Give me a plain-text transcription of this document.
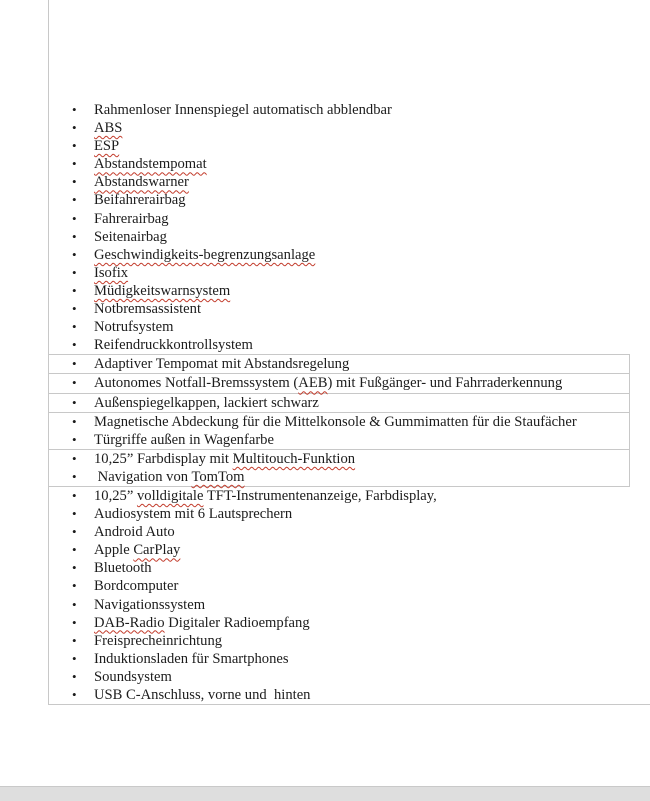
• Rahmenloser Innenspiegel automatisch abblendbar
• ABS
• ESP
• Abstandstempomat
• Abstandswarner
• Beifahrerairbag
• Fahrerairbag
• Seitenairbag
• Geschwindigkeits-begrenzungsanlage
• Isofix
• Müdigkeitswarnsystem
• Notbremsassistent
• Notrufsystem
• Reifendruckkontrollsystem
• Adaptiver Tempomat mit Abstandsregelung
• Autonomes Notfall-Bremssystem (AEB) mit Fußgänger- und Fahrraderkennung
• Außenspiegelkappen, lackiert schwarz
• Magnetische Abdeckung für die Mittelkonsole & Gummimatten für die Staufächer
• Türgriffe außen in Wagenfarbe
• 10,25” Farbdisplay mit Multitouch-Funktion
• Navigation von TomTom
• 10,25” volldigitale TFT-Instrumentenanzeige, Farbdisplay,
• Audiosystem mit 6 Lautsprechern
• Android Auto
• Apple CarPlay
• Bluetooth
• Bordcomputer
• Navigationssystem
• DAB-Radio Digitaler Radioempfang
• Freisprecheinrichtung
• Induktionsladen für Smartphones
• Soundsystem
• USB C-Anschluss, vorne und  hinten
